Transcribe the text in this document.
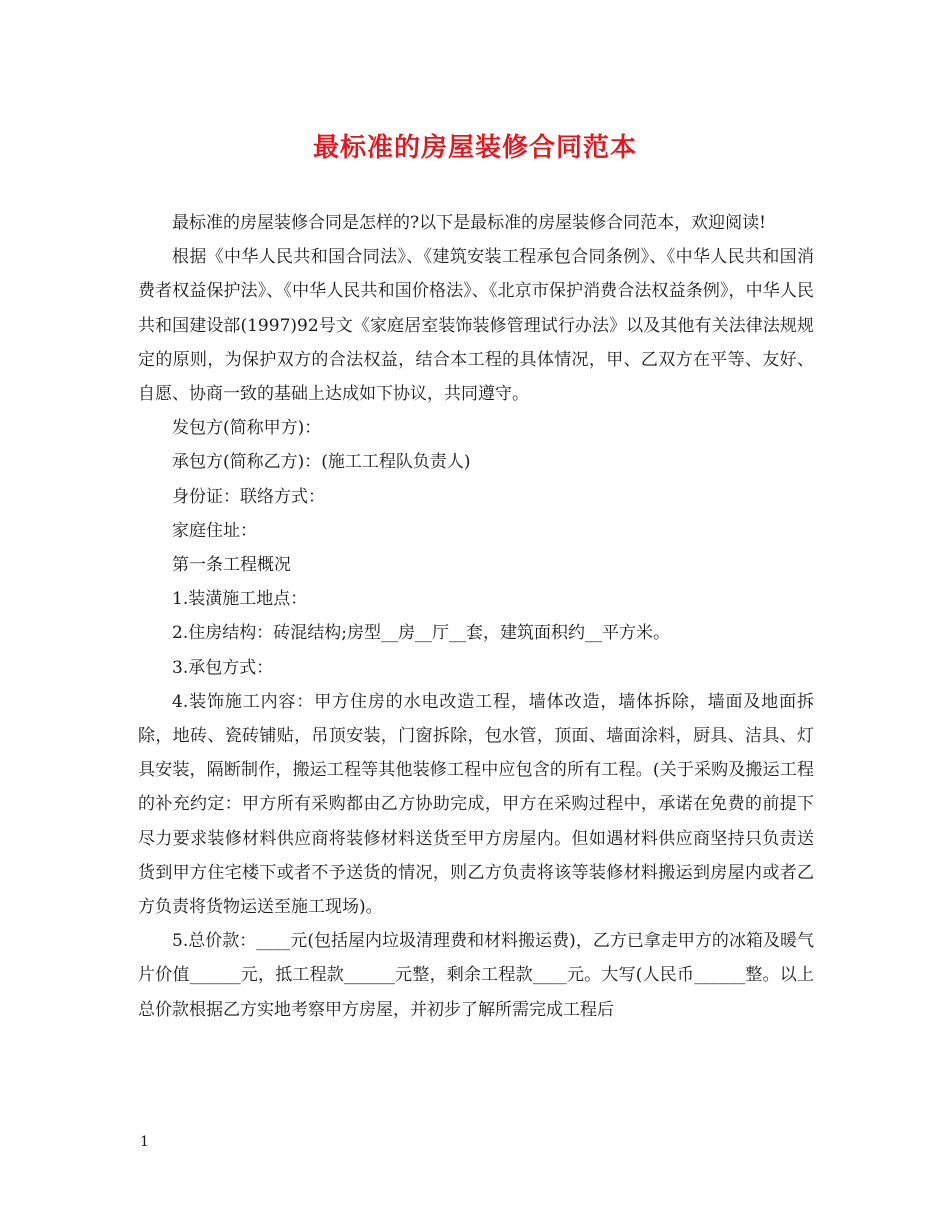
最标准的房屋装修合同范本

最标准的房屋装修合同是怎样的?以下是最标准的房屋装修合同范本，欢迎阅读!

根据《中华人民共和国合同法》、《建筑安装工程承包合同条例》、《中华人民共和国消费者权益保护法》、《中华人民共和国价格法》、《北京市保护消费合法权益条例》，中华人民共和国建设部(1997)92号文《家庭居室装饰装修管理试行办法》以及其他有关法律法规规定的原则，为保护双方的合法权益，结合本工程的具体情况，甲、乙双方在平等、友好、自愿、协商一致的基础上达成如下协议，共同遵守。

发包方(简称甲方)：

承包方(简称乙方)：(施工工程队负责人)

身份证：联络方式：

家庭住址：

第一条工程概况

1.装潢施工地点：

2.住房结构：砖混结构;房型__房__厅__套，建筑面积约__平方米。

3.承包方式：

4.装饰施工内容：甲方住房的水电改造工程，墙体改造，墙体拆除，墙面及地面拆除，地砖、瓷砖铺贴，吊顶安装，门窗拆除，包水管，顶面、墙面涂料，厨具、洁具、灯具安装，隔断制作，搬运工程等其他装修工程中应包含的所有工程。(关于采购及搬运工程的补充约定：甲方所有采购都由乙方协助完成，甲方在采购过程中，承诺在免费的前提下尽力要求装修材料供应商将装修材料送货至甲方房屋内。但如遇材料供应商坚持只负责送货到甲方住宅楼下或者不予送货的情况，则乙方负责将该等装修材料搬运到房屋内或者乙方负责将货物运送至施工现场)。

5.总价款：____元(包括屋内垃圾清理费和材料搬运费)，乙方已拿走甲方的冰箱及暖气片价值______元，抵工程款______元整，剩余工程款____元。大写(人民币______整。以上总价款根据乙方实地考察甲方房屋，并初步了解所需完成工程后

1
